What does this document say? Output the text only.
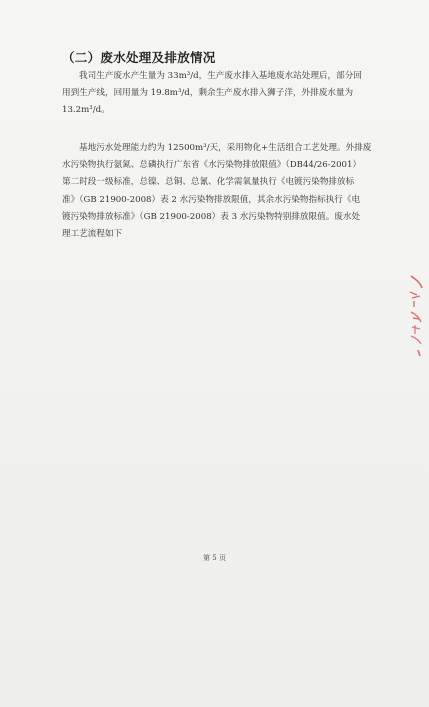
（二）废水处理及排放情况
我司生产废水产生量为 33m³/d，生产废水排入基地废水站处理后，部分回
用到生产线，回用量为 19.8m³/d，剩余生产废水排入狮子洋，外排废水量为
13.2m³/d。
基地污水处理能力约为 12500m³/天，采用物化+生活组合工艺处理。外排废
水污染物执行氨氮、总磷执行广东省《水污染物排放限值》（DB44/26-2001）
第二时段一级标准，总镍、总铜、总氰、化学需氧量执行《电镀污染物排放标
准》（GB 21900-2008）表 2 水污染物排放限值，其余水污染物指标执行《电
镀污染物排放标准》（GB 21900-2008）表 3 水污染物特别排放限值。废水处
理工艺流程如下
第 5 页
